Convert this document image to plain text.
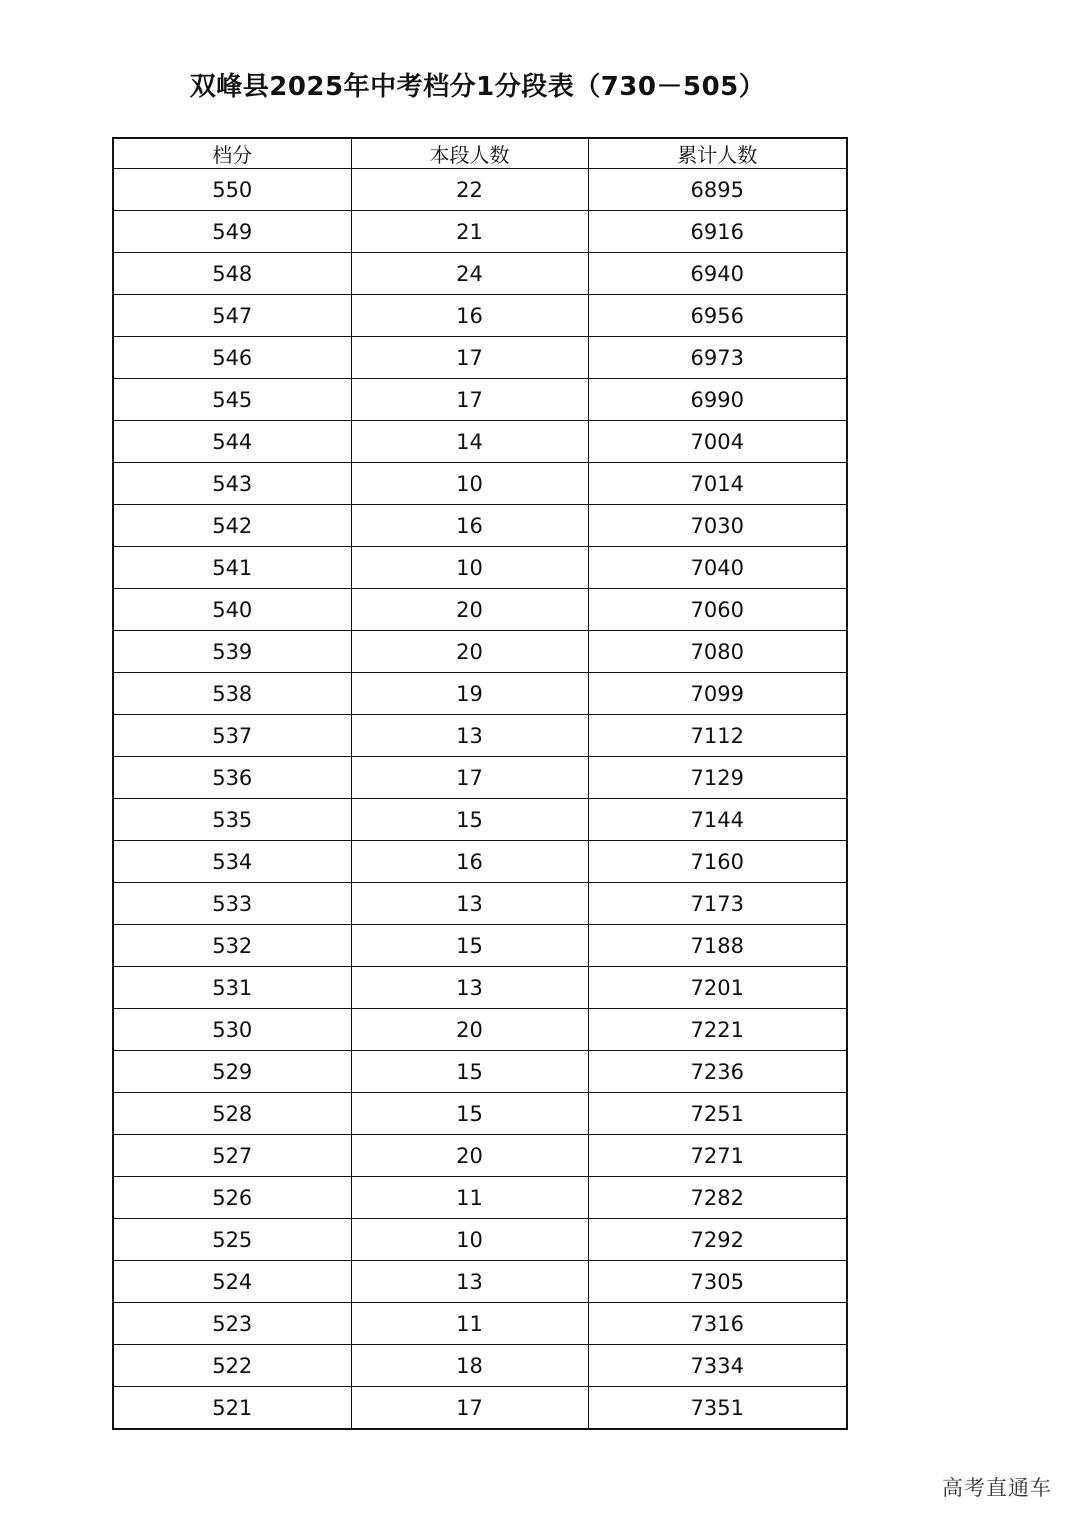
双峰县2025年中考档分1分段表（730－505）
档分	本段人数	累计人数
550	22	6895
549	21	6916
548	24	6940
547	16	6956
546	17	6973
545	17	6990
544	14	7004
543	10	7014
542	16	7030
541	10	7040
540	20	7060
539	20	7080
538	19	7099
537	13	7112
536	17	7129
535	15	7144
534	16	7160
533	13	7173
532	15	7188
531	13	7201
530	20	7221
529	15	7236
528	15	7251
527	20	7271
526	11	7282
525	10	7292
524	13	7305
523	11	7316
522	18	7334
521	17	7351
高考直通车
